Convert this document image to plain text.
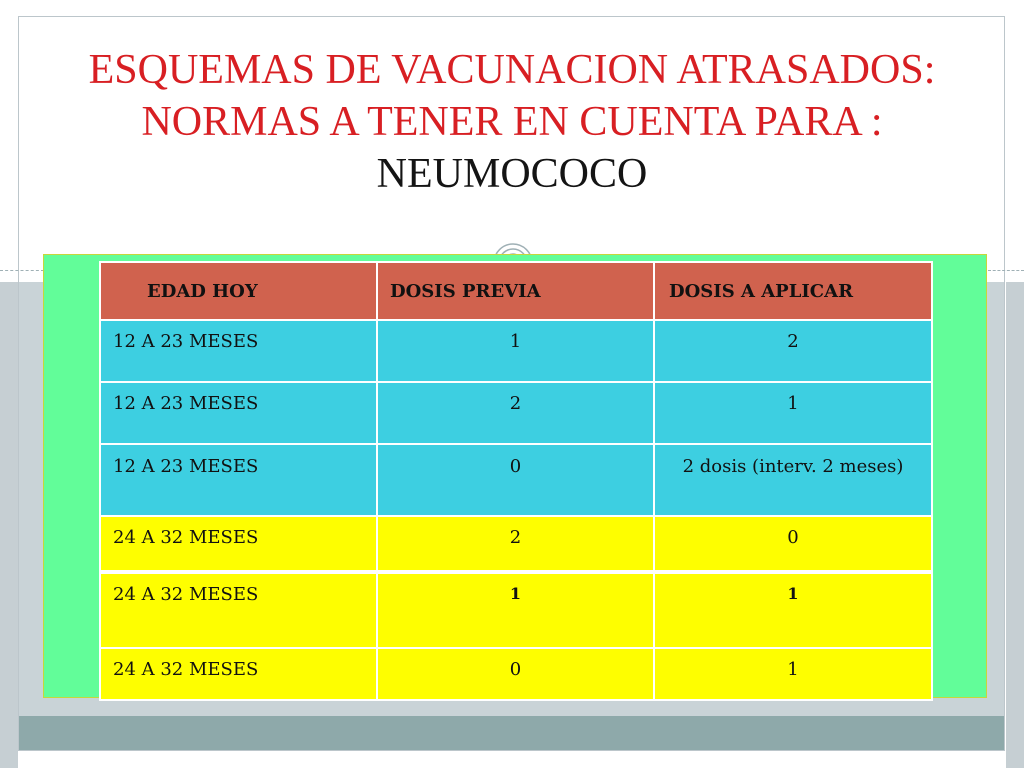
ESQUEMAS DE VACUNACION ATRASADOS: NORMAS A TENER EN CUENTA PARA : NEUMOCOCO
EDAD HOY	DOSIS PREVIA	DOSIS A APLICAR
12 A 23 MESES	1	2
12 A 23 MESES	2	1
12 A 23 MESES	0	2 dosis (interv. 2 meses)
24 A 32 MESES	2	0
24 A 32 MESES	1	1
24 A 32 MESES	0	1
